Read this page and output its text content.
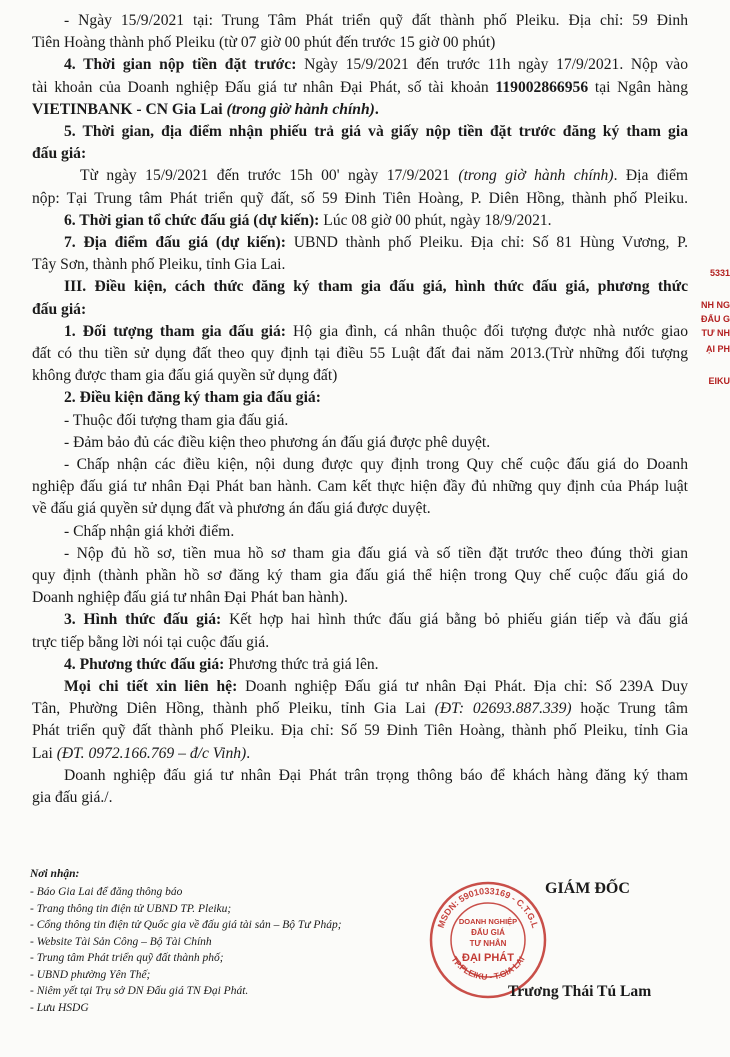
- Ngày 15/9/2021 tại: Trung Tâm Phát triển quỹ đất thành phố Pleiku. Địa chỉ: 59 Đinh
Tiên Hoàng thành phố Pleiku (từ 07 giờ 00 phút đến trước 15 giờ 00 phút)
4. Thời gian nộp tiền đặt trước: Ngày 15/9/2021 đến trước 11h ngày 17/9/2021. Nộp vào
tài khoản của Doanh nghiệp Đấu giá tư nhân Đại Phát, số tài khoản 119002866956 tại Ngân hàng
VIETINBANK - CN Gia Lai (trong giờ hành chính).
5. Thời gian, địa điểm nhận phiếu trả giá và giấy nộp tiền đặt trước đăng ký tham gia
đấu giá:
Từ ngày 15/9/2021 đến trước 15h 00' ngày 17/9/2021 (trong giờ hành chính). Địa điểm
nộp: Tại Trung tâm Phát triển quỹ đất, số 59 Đinh Tiên Hoàng, P. Diên Hồng, thành phố Pleiku.
6. Thời gian tổ chức đấu giá (dự kiến): Lúc 08 giờ 00 phút, ngày 18/9/2021.
7. Địa điểm đấu giá (dự kiến): UBND thành phố Pleiku. Địa chỉ: Số 81 Hùng Vương, P.
Tây Sơn, thành phố Pleiku, tỉnh Gia Lai.
III. Điều kiện, cách thức đăng ký tham gia đấu giá, hình thức đấu giá, phương thức
đấu giá:
1. Đối tượng tham gia đấu giá: Hộ gia đình, cá nhân thuộc đối tượng được nhà nước giao
đất có thu tiền sử dụng đất theo quy định tại điều 55 Luật đất đai năm 2013.(Trừ những đối tượng
không được tham gia đấu giá quyền sử dụng đất)
2. Điều kiện đăng ký tham gia đấu giá:
- Thuộc đối tượng tham gia đấu giá.
- Đảm bảo đủ các điều kiện theo phương án đấu giá được phê duyệt.
- Chấp nhận các điều kiện, nội dung được quy định trong Quy chế cuộc đấu giá do Doanh
nghiệp đấu giá tư nhân Đại Phát ban hành. Cam kết thực hiện đầy đủ những quy định của Pháp luật
về đấu giá quyền sử dụng đất và phương án đấu giá được duyệt.
- Chấp nhận giá khởi điểm.
- Nộp đủ hồ sơ, tiền mua hồ sơ tham gia đấu giá và số tiền đặt trước theo đúng thời gian
quy định (thành phần hồ sơ đăng ký tham gia đấu giá thể hiện trong Quy chế cuộc đấu giá do
Doanh nghiệp đấu giá tư nhân Đại Phát ban hành).
3. Hình thức đấu giá: Kết hợp hai hình thức đấu giá bằng bỏ phiếu gián tiếp và đấu giá
trực tiếp bằng lời nói tại cuộc đấu giá.
4. Phương thức đấu giá: Phương thức trả giá lên.
Mọi chi tiết xin liên hệ: Doanh nghiệp Đấu giá tư nhân Đại Phát. Địa chỉ: Số 239A Duy
Tân, Phường Diên Hồng, thành phố Pleiku, tỉnh Gia Lai (ĐT: 02693.887.339) hoặc Trung tâm
Phát triển quỹ đất thành phố Pleiku. Địa chỉ: Số 59 Đinh Tiên Hoàng, thành phố Pleiku, tỉnh Gia
Lai (ĐT. 0972.166.769 – đ/c Vinh).
Doanh nghiệp đấu giá tư nhân Đại Phát trân trọng thông báo để khách hàng đăng ký tham
gia đấu giá./.
5331
NH NG
ĐẤU G
TƯ NH
ẠI PH
EIKU
Nơi nhận:
- Báo Gia Lai để đăng thông báo
- Trang thông tin điện tử UBND TP. Pleiku;
- Cổng thông tin điện tử Quốc gia về đấu giá tài sản – Bộ Tư Pháp;
- Website Tài Sản Công – Bộ Tài Chính
- Trung tâm Phát triển quỹ đất thành phố;
- UBND phường Yên Thế;
- Niêm yết tại Trụ sở DN Đấu giá TN Đại Phát.
- Lưu HSDG
GIÁM ĐỐC
MSDN: 5901033169 - C.T.G.L
TP.PLEIKU - T.GIA LAI
DOANH NGHIỆP
ĐẤU GIÁ
TƯ NHÂN
ĐẠI PHÁT
Trương Thái Tú Lam
